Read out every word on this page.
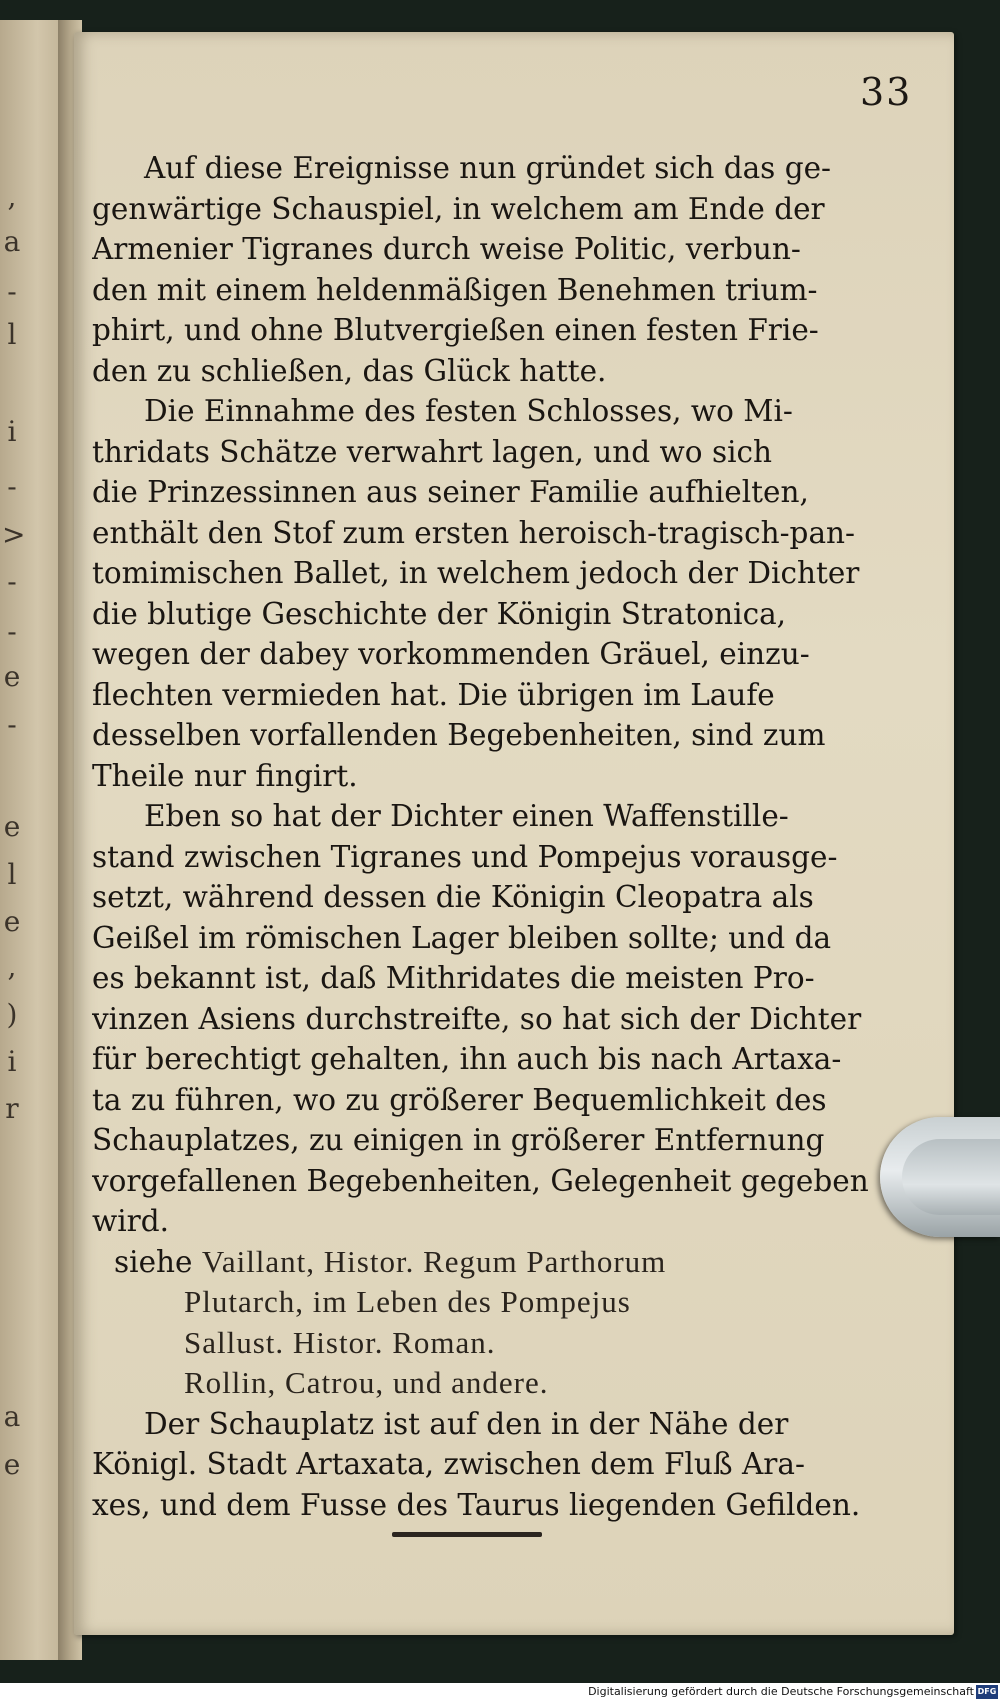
,
a
-
l
i
-
>
-
-
e
-
e
l
e
,
)
i
r
a
e
33
Auf diese Ereignisse nun gründet sich das ge-
genwärtige Schauspiel, in welchem am Ende der
Armenier Tigranes durch weise Politic, verbun-
den mit einem heldenmäßigen Benehmen trium-
phirt, und ohne Blutvergießen einen festen Frie-
den zu schließen, das Glück hatte.
Die Einnahme des festen Schlosses, wo Mi-
thridats Schätze verwahrt lagen, und wo sich
die Prinzessinnen aus seiner Familie aufhielten,
enthält den Stof zum ersten heroisch-tragisch-pan-
tomimischen Ballet, in welchem jedoch der Dichter
die blutige Geschichte der Königin Stratonica,
wegen der dabey vorkommenden Gräuel, einzu-
flechten vermieden hat. Die übrigen im Laufe
desselben vorfallenden Begebenheiten, sind zum
Theile nur fingirt.
Eben so hat der Dichter einen Waffenstille-
stand zwischen Tigranes und Pompejus vorausge-
setzt, während dessen die Königin Cleopatra als
Geißel im römischen Lager bleiben sollte; und da
es bekannt ist, daß Mithridates die meisten Pro-
vinzen Asiens durchstreifte, so hat sich der Dichter
für berechtigt gehalten, ihn auch bis nach Artaxa-
ta zu führen, wo zu größerer Bequemlichkeit des
Schauplatzes, zu einigen in größerer Entfernung
vorgefallenen Begebenheiten, Gelegenheit gegeben
wird.
siehe Vaillant, Histor. Regum Parthorum
Plutarch, im Leben des Pompejus
Sallust. Histor. Roman.
Rollin, Catrou, und andere.
Der Schauplatz ist auf den in der Nähe der
Königl. Stadt Artaxata, zwischen dem Fluß Ara-
xes, und dem Fusse des Taurus liegenden Gefilden.
Digitalisierung gefördert durch die Deutsche Forschungsgemeinschaft DFG
